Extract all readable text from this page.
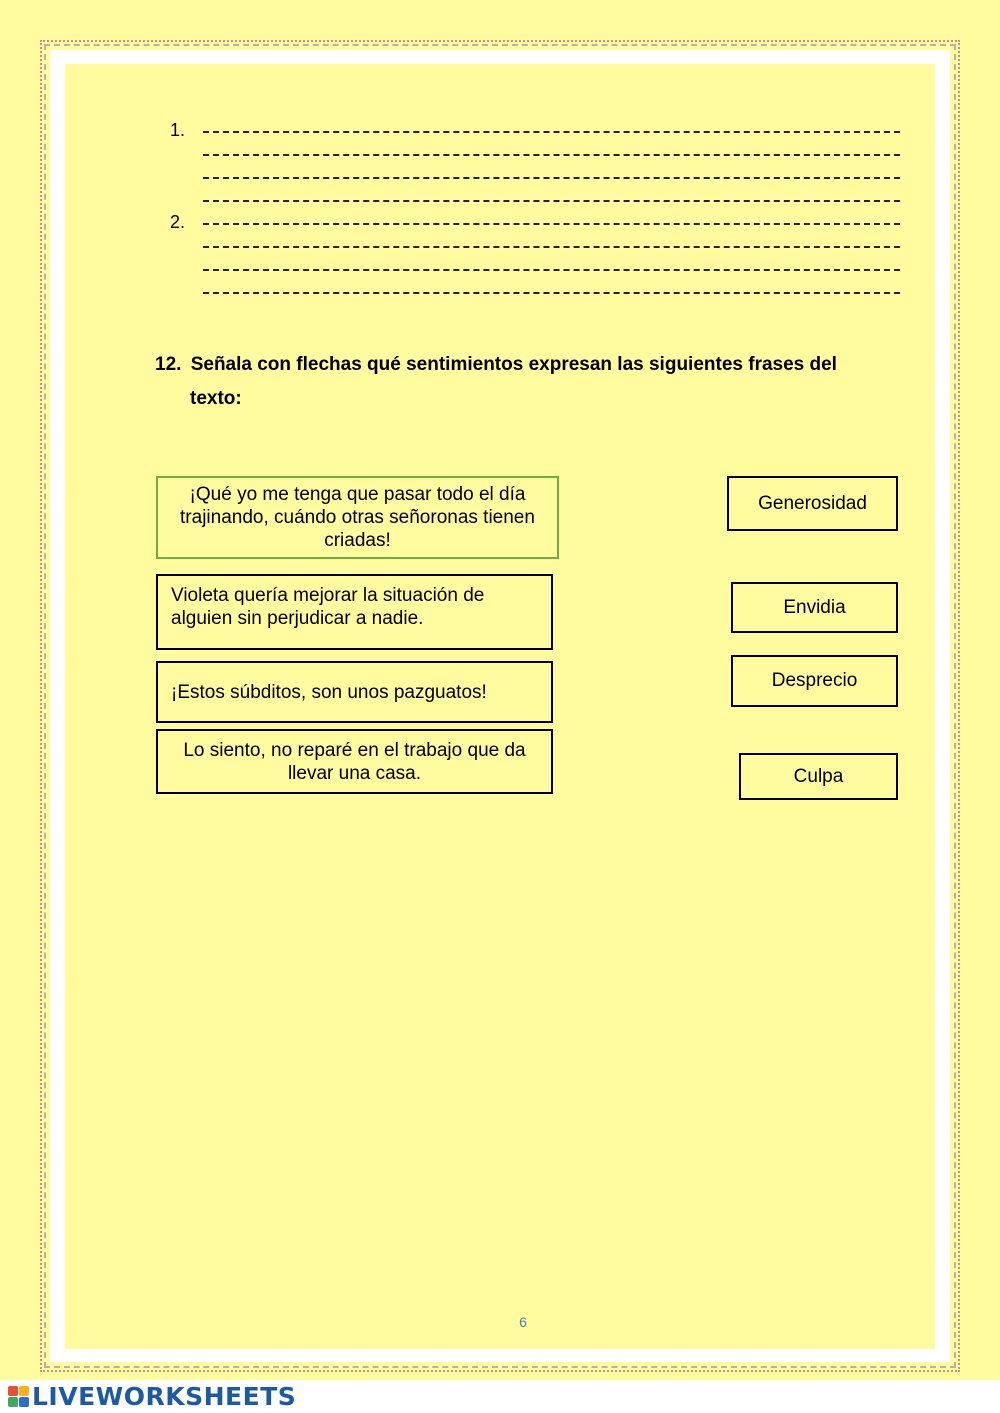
1.
2.
12. Señala con flechas qué sentimientos expresan las siguientes frases del
texto:
¡Qué yo me tenga que pasar todo el día trajinando, cuándo otras señoronas tienen criadas!
Violeta quería mejorar la situación de alguien sin perjudicar a nadie.
¡Estos súbditos, son unos pazguatos!
Lo siento, no reparé en el trabajo que da llevar una casa.
Generosidad
Envidia
Desprecio
Culpa
6
LIVEWORKSHEETS
